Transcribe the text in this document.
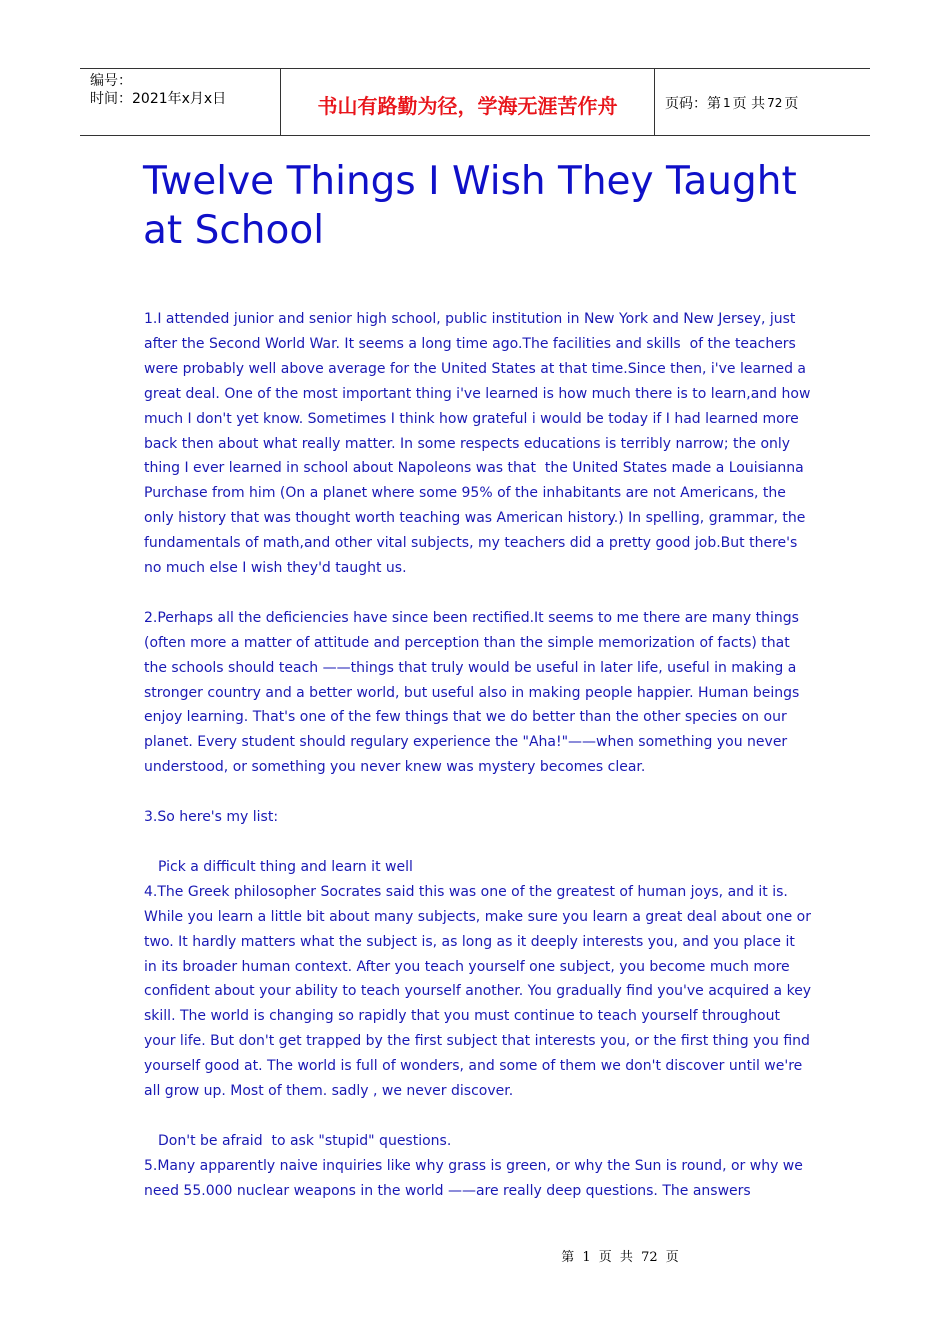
编号：
时间：2021年x月x日	书山有路勤为径，学海无涯苦作舟	页码：第 1 页 共 72 页
Twelve Things I Wish They Taught at School

1.I attended junior and senior high school, public institution in New York and New Jersey, just after the Second World War. It seems a long time ago.The facilities and skills  of the teachers were probably well above average for the United States at that time.Since then, i've learned a great deal. One of the most important thing i've learned is how much there is to learn,and how much I don't yet know. Sometimes I think how grateful i would be today if I had learned more back then about what really matter. In some respects educations is terribly narrow; the only thing I ever learned in school about Napoleons was that  the United States made a Louisianna Purchase from him (On a planet where some 95% of the inhabitants are not Americans, the only history that was thought worth teaching was American history.) In spelling, grammar, the fundamentals of math,and other vital subjects, my teachers did a pretty good job.But there's no much else I wish they'd taught us.

2.Perhaps all the deficiencies have since been rectified.It seems to me there are many things (often more a matter of attitude and perception than the simple memorization of facts) that the schools should teach ——things that truly would be useful in later life, useful in making a stronger country and a better world, but useful also in making people happier. Human beings enjoy learning. That's one of the few things that we do better than the other species on our planet. Every student should regulary experience the "Aha!"——when something you never understood, or something you never knew was mystery becomes clear.

3.So here's my list:

Pick a difficult thing and learn it well

4.The Greek philosopher Socrates said this was one of the greatest of human joys, and it is. While you learn a little bit about many subjects, make sure you learn a great deal about one or two. It hardly matters what the subject is, as long as it deeply interests you, and you place it in its broader human context. After you teach yourself one subject, you become much more confident about your ability to teach yourself another. You gradually find you've acquired a key skill. The world is changing so rapidly that you must continue to teach yourself throughout your life. But don't get trapped by the first subject that interests you, or the first thing you find yourself good at. The world is full of wonders, and some of them we don't discover until we're all grow up. Most of them. sadly , we never discover.

Don't be afraid  to ask "stupid" questions.

5.Many apparently naive inquiries like why grass is green, or why the Sun is round, or why we need 55.000 nuclear weapons in the world ——are really deep questions. The answers

第 1 页 共 72 页
